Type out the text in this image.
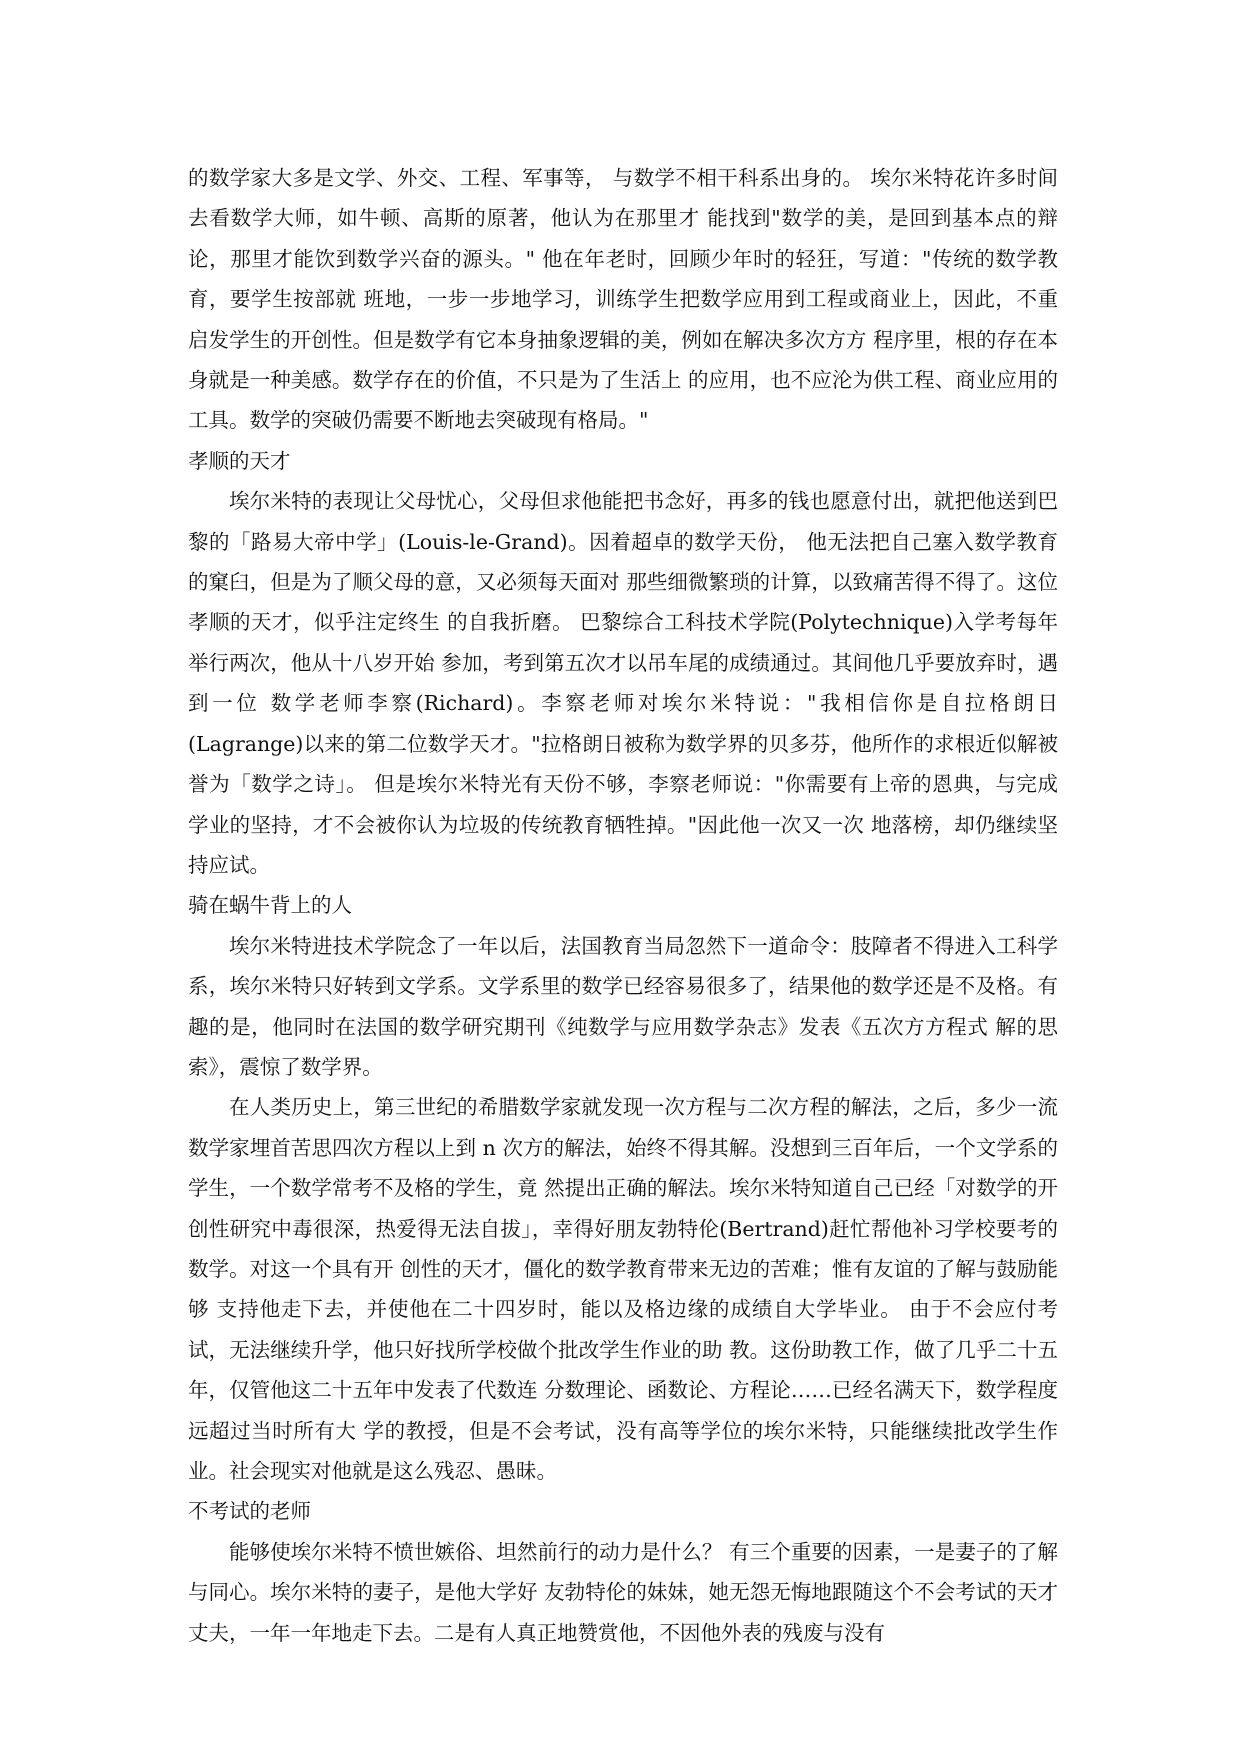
的数学家大多是文学、外交、工程、军事等， 与数学不相干科系出身的。 埃尔米特花许多时间去看数学大师，如牛顿、高斯的原著，他认为在那里才 能找到"数学的美，是回到基本点的辩论，那里才能饮到数学兴奋的源头。" 他在年老时，回顾少年时的轻狂，写道："传统的数学教育，要学生按部就 班地，一步一步地学习，训练学生把数学应用到工程或商业上，因此，不重 启发学生的开创性。但是数学有它本身抽象逻辑的美，例如在解决多次方方 程序里，根的存在本身就是一种美感。数学存在的价值，不只是为了生活上 的应用，也不应沦为供工程、商业应用的工具。数学的突破仍需要不断地去突破现有格局。"

孝顺的天才

埃尔米特的表现让父母忧心，父母但求他能把书念好，再多的钱也愿意付出，就把他送到巴黎的「路易大帝中学」(Louis-le-Grand)。因着超卓的数学天份， 他无法把自己塞入数学教育的窠臼，但是为了顺父母的意，又必须每天面对 那些细微繁琐的计算，以致痛苦得不得了。这位孝顺的天才，似乎注定终生 的自我折磨。 巴黎综合工科技术学院(Polytechnique)入学考每年举行两次，他从十八岁开始 参加，考到第五次才以吊车尾的成绩通过。其间他几乎要放弃时，遇到一位 数学老师李察(Richard)。李察老师对埃尔米特说："我相信你是自拉格朗日 (Lagrange)以来的第二位数学天才。"拉格朗日被称为数学界的贝多芬，他所作的求根近似解被誉为「数学之诗」。 但是埃尔米特光有天份不够，李察老师说："你需要有上帝的恩典，与完成 学业的坚持，才不会被你认为垃圾的传统教育牺牲掉。"因此他一次又一次 地落榜，却仍继续坚持应试。

骑在蜗牛背上的人

埃尔米特进技术学院念了一年以后，法国教育当局忽然下一道命令：肢障者不得进入工科学系，埃尔米特只好转到文学系。文学系里的数学已经容易很多了，结果他的数学还是不及格。有趣的是，他同时在法国的数学研究期刊《纯数学与应用数学杂志》发表《五次方方程式 解的思索》，震惊了数学界。

在人类历史上，第三世纪的希腊数学家就发现一次方程与二次方程的解法，之后，多少一流数学家埋首苦思四次方程以上到 n 次方的解法，始终不得其解。没想到三百年后，一个文学系的学生，一个数学常考不及格的学生，竟 然提出正确的解法。埃尔米特知道自己已经「对数学的开创性研究中毒很深，热爱得无法自拔」，幸得好朋友勃特伦(Bertrand)赶忙帮他补习学校要考的数学。对这一个具有开 创性的天才，僵化的数学教育带来无边的苦难；惟有友谊的了解与鼓励能够 支持他走下去，并使他在二十四岁时，能以及格边缘的成绩自大学毕业。 由于不会应付考试，无法继续升学，他只好找所学校做个批改学生作业的助 教。这份助教工作，做了几乎二十五年，仅管他这二十五年中发表了代数连 分数理论、函数论、方程论……已经名满天下，数学程度远超过当时所有大 学的教授，但是不会考试，没有高等学位的埃尔米特，只能继续批改学生作 业。社会现实对他就是这么残忍、愚昧。

不考试的老师

能够使埃尔米特不愤世嫉俗、坦然前行的动力是什么？ 有三个重要的因素，一是妻子的了解与同心。埃尔米特的妻子，是他大学好 友勃特伦的妹妹，她无怨无悔地跟随这个不会考试的天才丈夫，一年一年地走下去。二是有人真正地赞赏他，不因他外表的残废与没有
